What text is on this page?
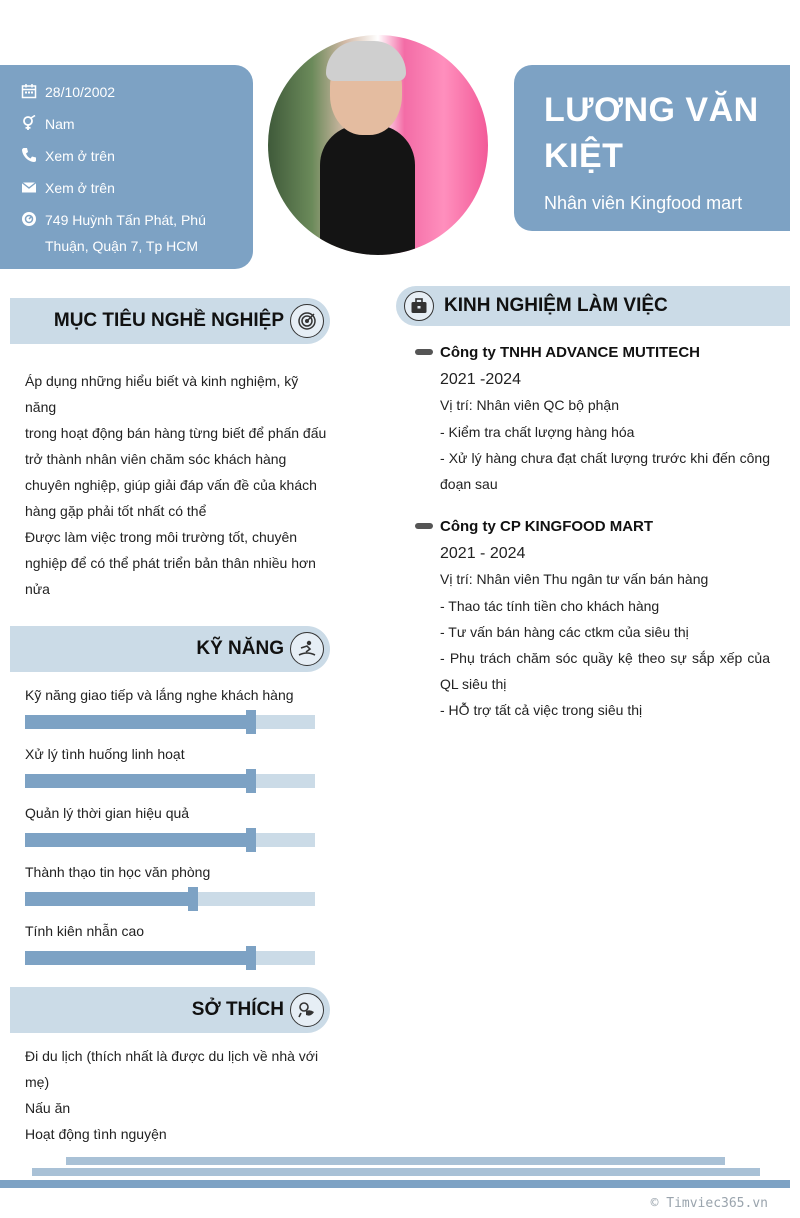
28/10/2002
Nam
Xem ở trên
Xem ở trên
749 Huỳnh Tấn Phát, Phú
Thuận, Quận 7, Tp HCM
LƯƠNG VĂN
KIỆT
Nhân viên Kingfood mart
MỤC TIÊU NGHỀ NGHIỆP
Áp dụng những hiểu biết và kinh nghiệm, kỹ năng
trong hoạt động bán hàng từng biết để phấn đấu
trở thành nhân viên chăm sóc khách hàng
chuyên nghiệp, giúp giải đáp vấn đề của khách
hàng gặp phải tốt nhất có thể
Được làm việc trong môi trường tốt, chuyên
nghiệp để có thể phát triển bản thân nhiều hơn
nửa
KỸ NĂNG
Kỹ năng giao tiếp và lắng nghe khách hàng
Xử lý tình huống linh hoạt
Quản lý thời gian hiệu quả
Thành thạo tin học văn phòng
Tính kiên nhẫn cao
SỞ THÍCH
Đi du lịch (thích nhất là được du lịch về nhà với
mẹ)
Nấu ăn
Hoạt động tình nguyện
KINH NGHIỆM LÀM VIỆC
Công ty TNHH ADVANCE MUTITECH
2021 -2024
Vị trí: Nhân viên QC bộ phận
- Kiểm tra chất lượng hàng hóa
- Xử lý hàng chưa đạt chất lượng trước khi đến công đoạn sau
Công ty CP KINGFOOD MART
2021 - 2024
Vị trí: Nhân viên Thu ngân tư vấn bán hàng
- Thao tác tính tiền cho khách hàng
- Tư vấn bán hàng các ctkm của siêu thị
- Phụ trách chăm sóc quầy kệ theo sự sắp xếp của QL siêu thị
- HỖ trợ tất cả việc trong siêu thị
© Timviec365.vn
